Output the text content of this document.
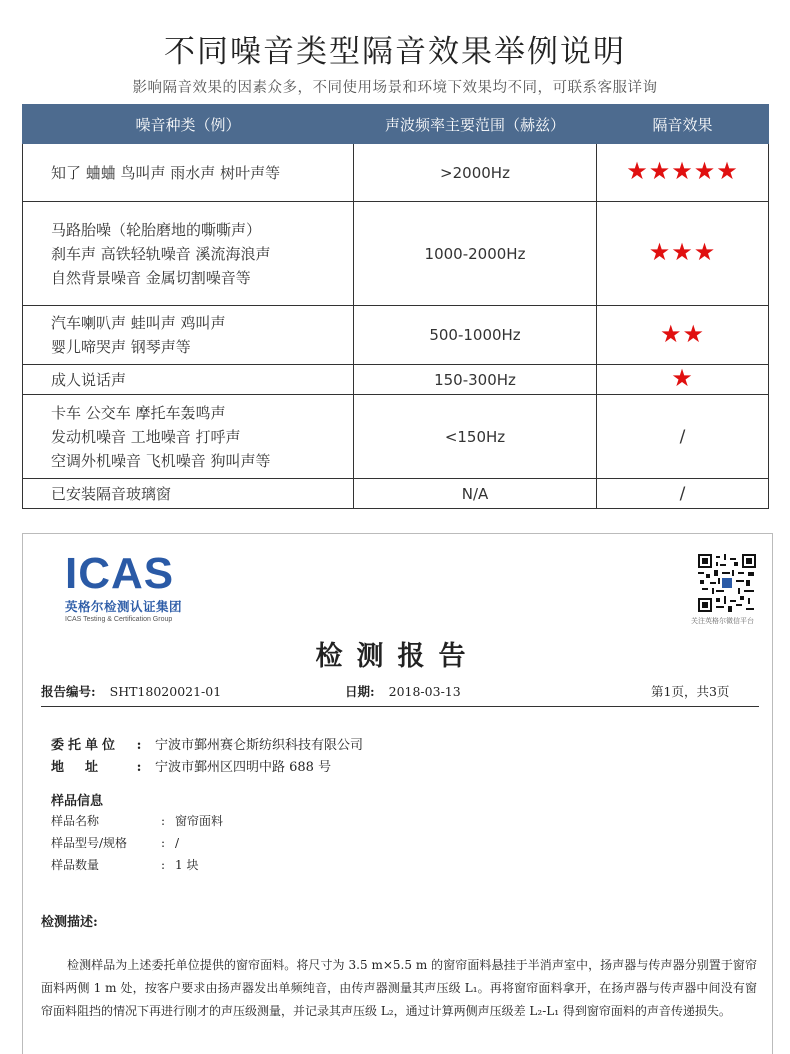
不同噪音类型隔音效果举例说明
影响隔音效果的因素众多，不同使用场景和环境下效果均不同，可联系客服详询
噪音种类（例）	声波频率主要范围（赫兹）	隔音效果

知了 蛐蛐 鸟叫声 雨水声 树叶声等	>2000Hz	★★★★★

马路胎噪（轮胎磨地的嘶嘶声）
刹车声 高铁轻轨噪音 溪流海浪声
自然背景噪音 金属切割噪音等	1000-2000Hz	★★★

汽车喇叭声 蛙叫声 鸡叫声
婴儿啼哭声 钢琴声等	500-1000Hz	★★

成人说话声	150-300Hz	★

卡车 公交车 摩托车轰鸣声
发动机噪音 工地噪音 打呼声
空调外机噪音 飞机噪音 狗叫声等	<150Hz	/

已安装隔音玻璃窗	N/A	/
ICAS
英格尔检测认证集团
ICAS Testing & Certification Group	关注英格尔微信平台
检测报告
报告编号: SHT18020021-01	日期: 2018-03-13	第1页，共3页
委托单位 : 宁波市鄞州赛仑斯纺织科技有限公司
地　址	: 宁波市鄞州区四明中路 688 号
样品信息
样品名称	: 窗帘面料
样品型号/规格	: /
样品数量	: 1 块
检测描述:
检测样品为上述委托单位提供的窗帘面料。将尺寸为 3.5 m×5.5 m 的窗帘面料悬挂于半消声室中，扬声器与传声器分别置于窗帘面料两侧 1 m 处，按客户要求由扬声器发出单频纯音，由传声器测量其声压级 L₁。再将窗帘面料拿开，在扬声器与传声器中间没有窗帘面料阻挡的情况下再进行刚才的声压级测量，并记录其声压级 L₂，通过计算两侧声压级差 L₂-L₁ 得到窗帘面料的声音传递损失。
